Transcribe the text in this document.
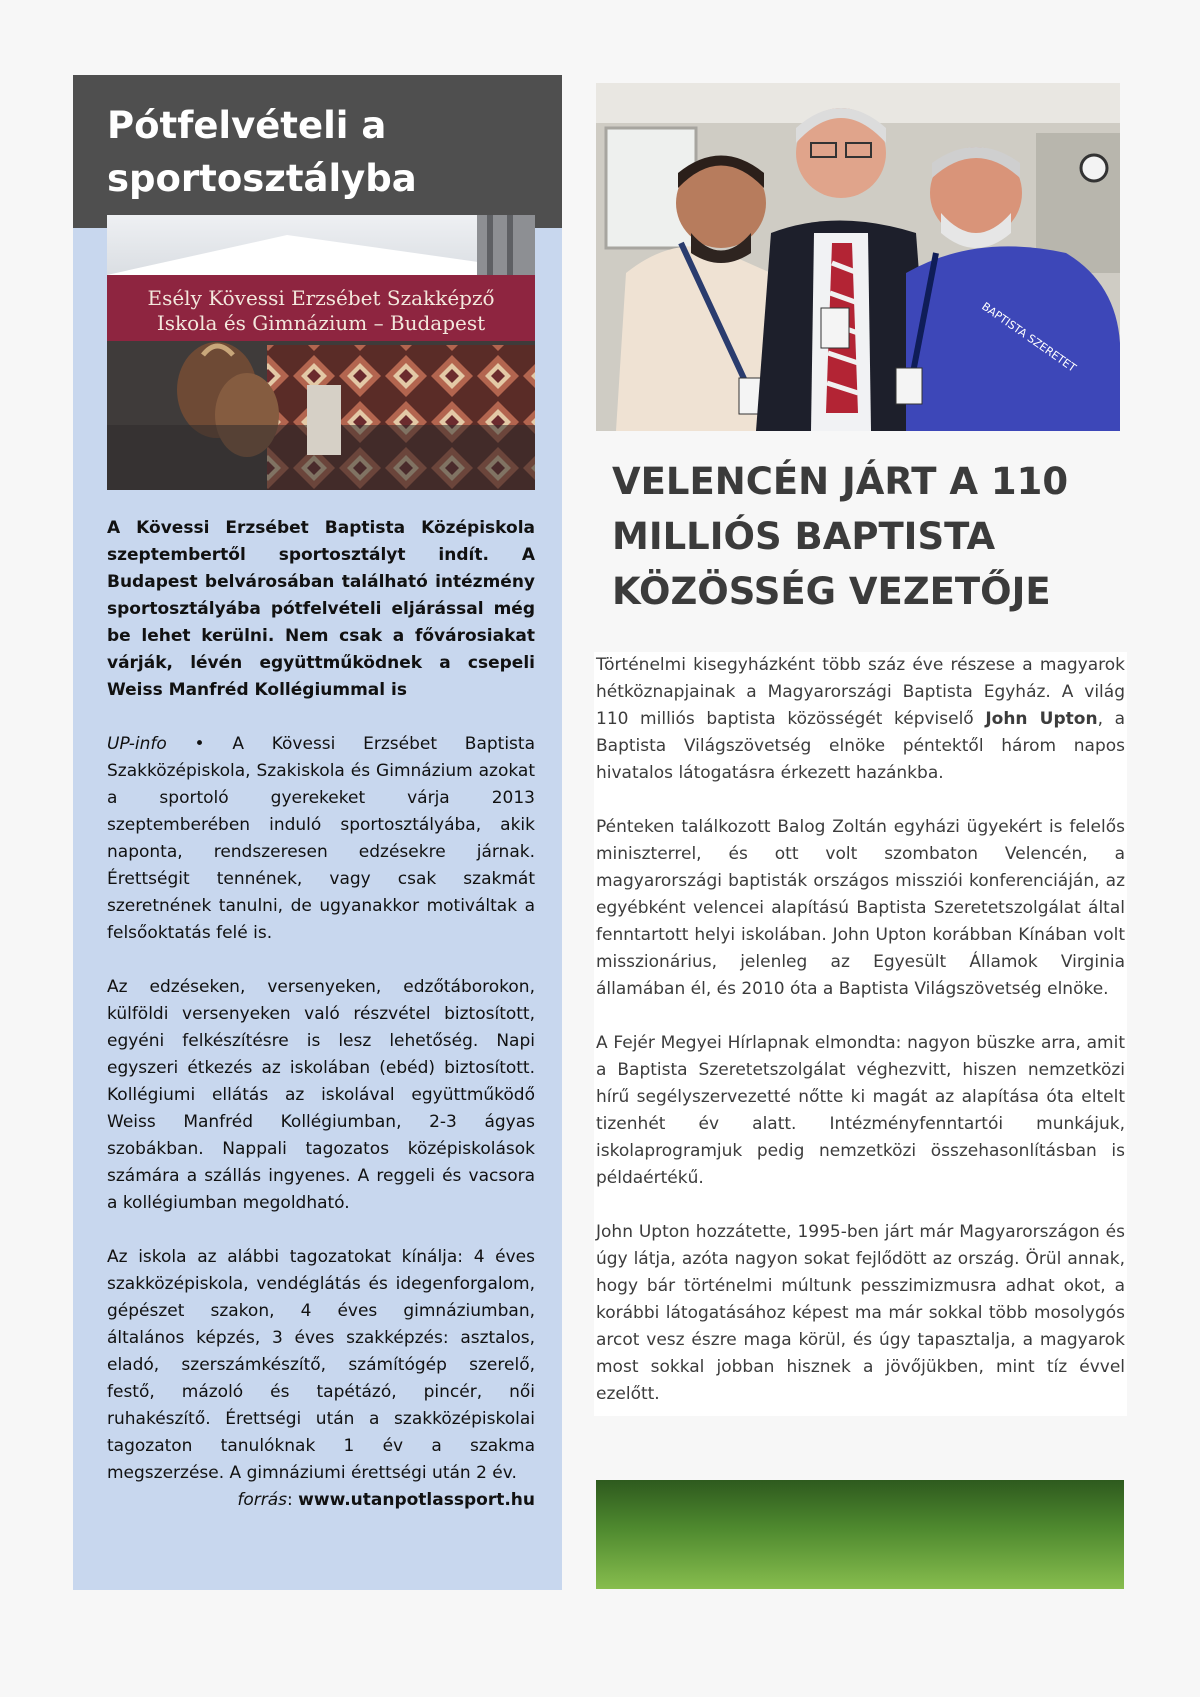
Pótfelvételi a
sportosztályba
Esély Kövessi Erzsébet Szakképző
Iskola és Gimnázium – Budapest

A Kövessi Erzsébet Baptista Középiskola szeptembertől sportosztályt indít. A Budapest belvárosában található intézmény sportosztályába pótfelvételi eljárással még be lehet kerülni. Nem csak a fővárosiakat várják, lévén együttműködnek a csepeli Weiss Manfréd Kollégiummal is

UP-info • A Kövessi Erzsébet Baptista Szakközépiskola, Szakiskola és Gimnázium azokat a sportoló gyerekeket várja 2013 szeptemberében induló sportosztályába, akik naponta, rendszeresen edzésekre járnak. Érettségit tennének, vagy csak szakmát szeretnének tanulni, de ugyanakkor motiváltak a felsőoktatás felé is.

Az edzéseken, versenyeken, edzőtáborokon, külföldi versenyeken való részvétel biztosított, egyéni felkészítésre is lesz lehetőség. Napi egyszeri étkezés az iskolában (ebéd) biztosított. Kollégiumi ellátás az iskolával együttműködő Weiss Manfréd Kollégiumban, 2-3 ágyas szobákban. Nappali tagozatos középiskolások számára a szállás ingyenes. A reggeli és vacsora a kollégiumban megoldható.

Az iskola az alábbi tagozatokat kínálja: 4 éves szakközépiskola, vendéglátás és idegenforgalom, gépészet szakon, 4 éves gimnáziumban, általános képzés, 3 éves szakképzés: asztalos, eladó, szerszámkészítő, számítógép szerelő, festő, mázoló és tapétázó, pincér, női ruhakészítő. Érettségi után a szakközépiskolai tagozaton tanulóknak 1 év a szakma megszerzése. A gimnáziumi érettségi után 2 év.

forrás: www.utanpotlassport.hu
BAPTISTA SZERETET
VELENCÉN JÁRT A 110
MILLIÓS BAPTISTA
KÖZÖSSÉG VEZETŐJE

Történelmi kisegyházként több száz éve részese a magyarok hétköznapjainak a Magyarországi Baptista Egyház. A világ 110 milliós baptista közösségét képviselő John Upton, a Baptista Világszövetség elnöke péntektől három napos hivatalos látogatásra érkezett hazánkba.

Pénteken találkozott Balog Zoltán egyházi ügyekért is felelős miniszterrel, és ott volt szombaton Velencén, a magyarországi baptisták országos missziói konferenciáján, az egyébként velencei alapítású Baptista Szeretetszolgálat által fenntartott helyi iskolában. John Upton korábban Kínában volt misszionárius, jelenleg az Egyesült Államok Virginia államában él, és 2010 óta a Baptista Világszövetség elnöke.

A Fejér Megyei Hírlapnak elmondta: nagyon büszke arra, amit a Baptista Szeretetszolgálat véghezvitt, hiszen nemzetközi hírű segélyszervezetté nőtte ki magát az alapítása óta eltelt tizenhét év alatt. Intézményfenntartói munkájuk, iskolaprogramjuk pedig nemzetközi összehasonlításban is példaértékű.

John Upton hozzátette, 1995-ben járt már Magyarországon és úgy látja, azóta nagyon sokat fejlődött az ország. Örül annak, hogy bár történelmi múltunk pesszimizmusra adhat okot, a korábbi látogatásához képest ma már sokkal több mosolygós arcot vesz észre maga körül, és úgy tapasztalja, a magyarok most sokkal jobban hisznek a jövőjükben, mint tíz évvel ezelőtt.
